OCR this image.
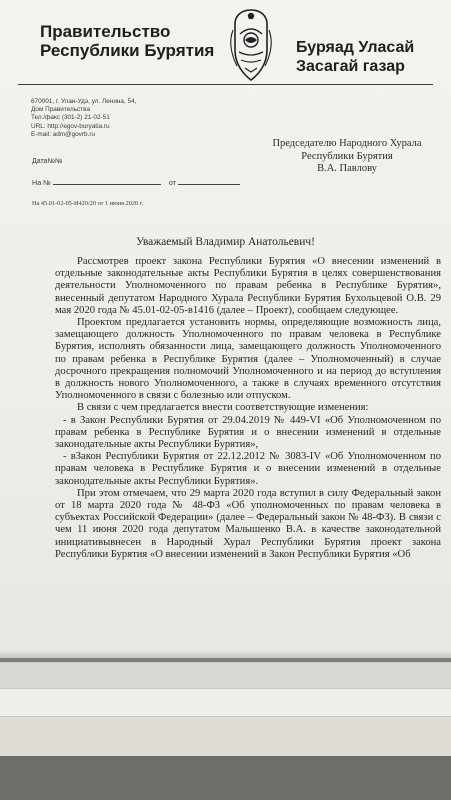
Правительство
Республики Бурятия	Буряад Уласай
Засагай газар
670001, г. Улан-Удэ, ул. Ленина, 54,
Дом Правительства
Тел./факс (301-2) 21-02-51
URL: http://egov-buryatia.ru
E-mail: adm@govrb.ru
Председателю Народного Хурала
Республики Бурятия
В.А. Павлову
Дата№№
На №	от
На 45.01-02-05-И420/20 от 1 июня 2020 г.
Уважаемый Владимир Анатольевич!

Рассмотрев проект закона Республики Бурятия «О внесении изменений в отдельные законодательные акты Республики Бурятия в целях совершенствования деятельности Уполномоченного по правам ребенка в Республике Бурятия», внесенный депутатом Народного Хурала Республики Бурятия Бухольцевой О.В. 29 мая 2020 года № 45.01-02-05-в1416 (далее – Проект), сообщаем следующее.

Проектом предлагается установить нормы, определяющие возможность лица, замещающего должность Уполномоченного по правам человека в Республике Бурятия, исполнять обязанности лица, замещающего должность Уполномоченного по правам ребенка в Республике Бурятия (далее – Уполномоченный) в случае досрочного прекращения полномочий Уполномоченного и на период до вступления в должность нового Уполномоченного, а также в случаях временного отсутствия Уполномоченного в связи с болезнью или отпуском.

В связи с чем предлагается внести соответствующие изменения:

- в Закон Республики Бурятия от 29.04.2019 № 449-VI «Об Уполномоченном по правам ребенка в Республике Бурятия и о внесении изменений в отдельные законодательные акты Республики Бурятия»,

- вЗакон Республики Бурятия от 22.12.2012 № 3083-IV «Об Уполномоченном по правам человека в Республике Бурятия и о внесении изменений в отдельные законодательные акты Республики Бурятия».

При этом отмечаем, что 29 марта 2020 года вступил в силу Федеральный закон от 18 марта 2020 года № 48-ФЗ «Об уполномоченных по правам человека в субъектах Российской Федерации» (далее – Федеральный закон № 48-ФЗ). В связи с чем 11 июня 2020 года депутатом Малышенко В.А. в качестве законодательной инициативывнесен в Народный Хурал Республики Бурятия проект закона Республики Бурятия «О внесении изменений в Закон Республики Бурятия «Об
